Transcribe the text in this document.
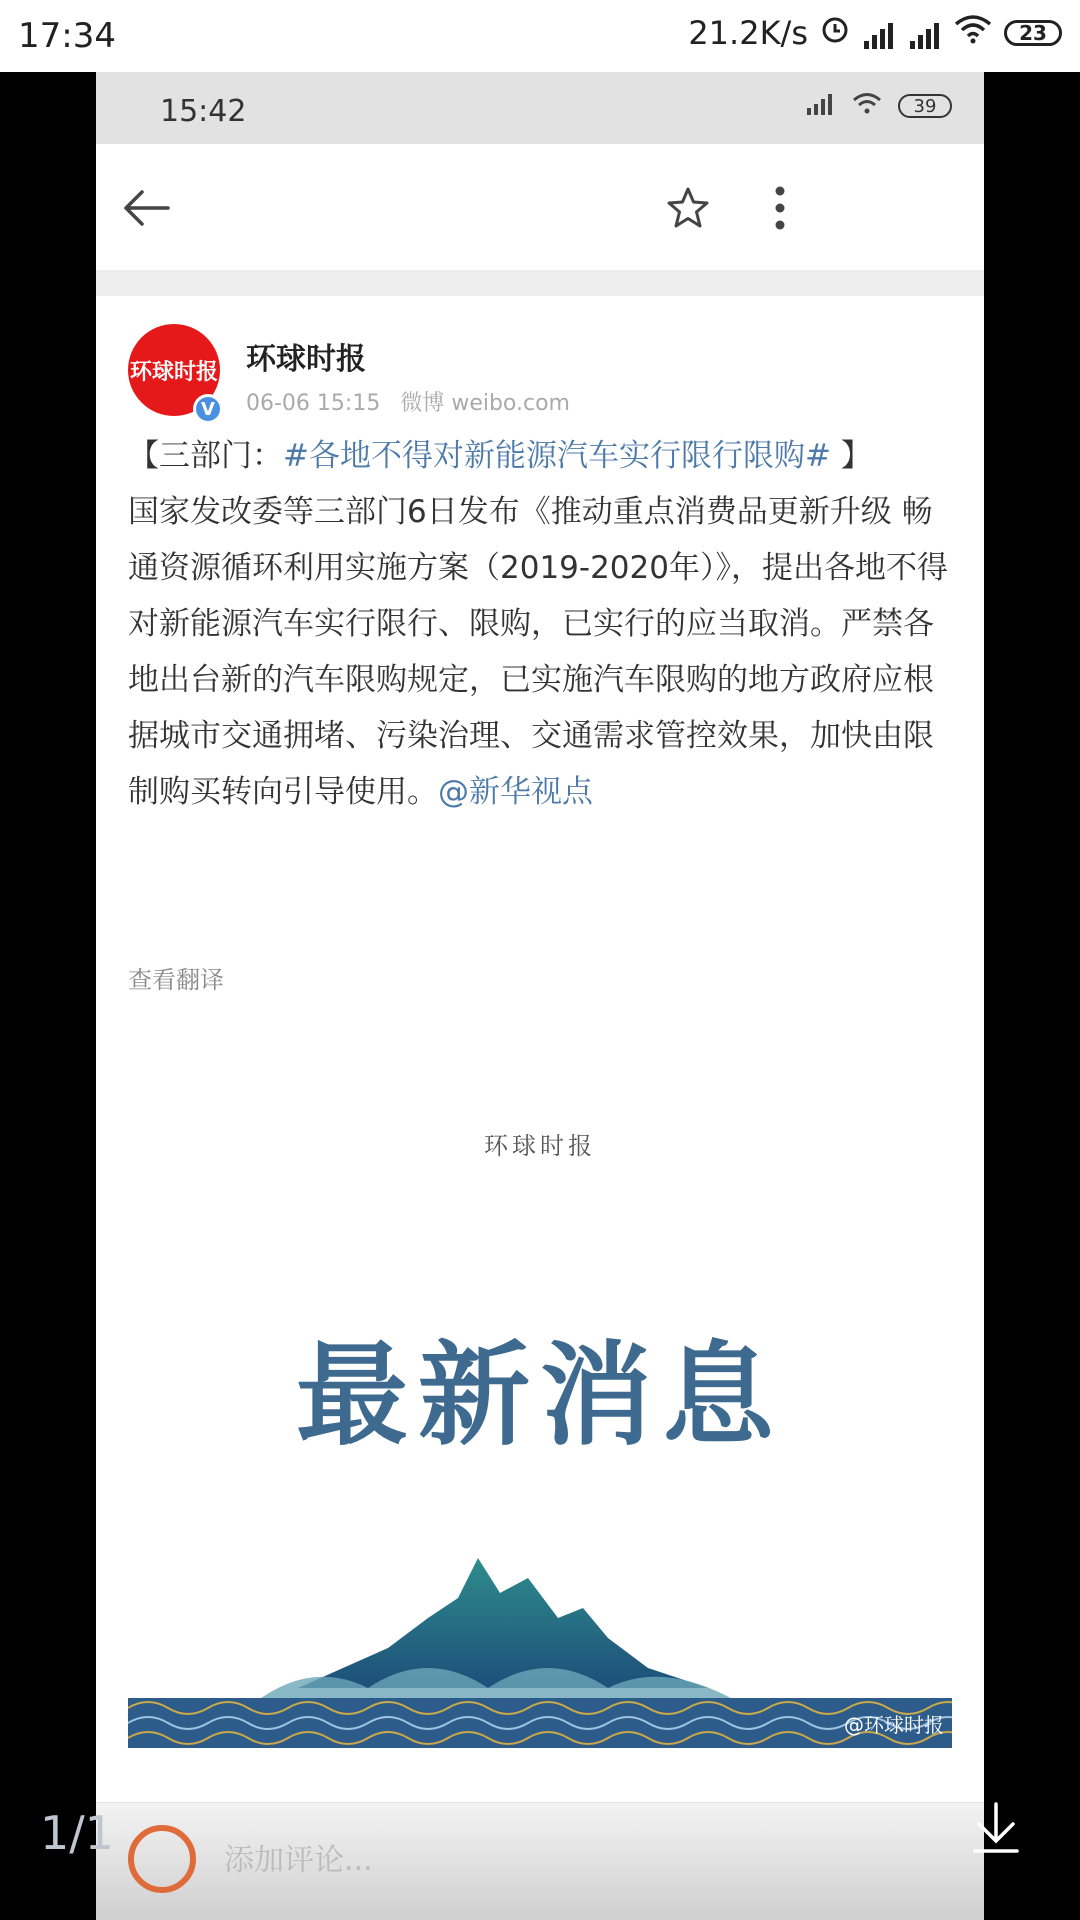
17:34	21.2K/s	23
15:42	39
环球时报
V
环球时报
06-06 15:15 微博 weibo.com
【三部门：#各地不得对新能源汽车实行限行限购# 】
国家发改委等三部门6日发布《推动重点消费品更新升级 畅通资源循环利用实施方案（2019-2020年）》，提出各地不得对新能源汽车实行限行、限购，已实行的应当取消。严禁各地出台新的汽车限购规定，已实施汽车限购的地方政府应根据城市交通拥堵、污染治理、交通需求管控效果，加快由限制购买转向引导使用。@新华视点
查看翻译
环球时报
最新消息
@环球时报
添加评论...
1/1
